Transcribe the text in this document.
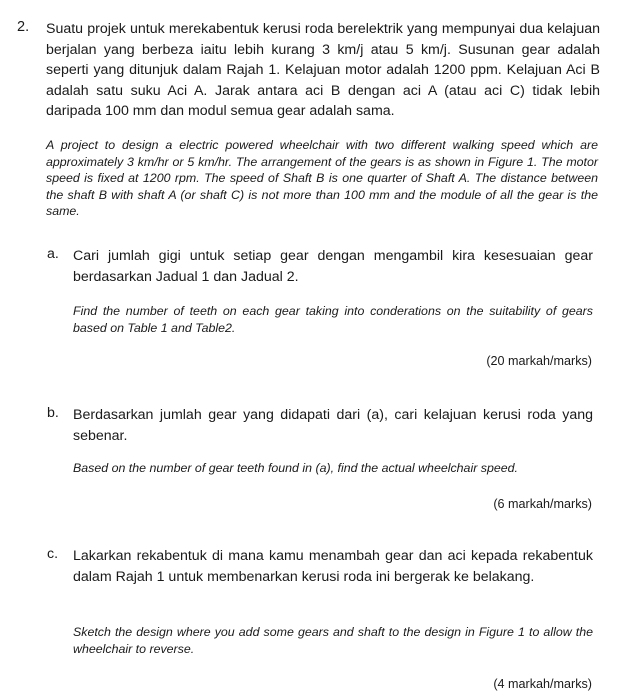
2. Suatu projek untuk merekabentuk kerusi roda berelektrik yang mempunyai dua kelajuan berjalan yang berbeza iaitu lebih kurang 3 km/j atau 5 km/j. Susunan gear adalah seperti yang ditunjuk dalam Rajah 1. Kelajuan motor adalah 1200 ppm. Kelajuan Aci B adalah satu suku Aci A. Jarak antara aci B dengan aci A (atau aci C) tidak lebih daripada 100 mm dan modul semua gear adalah sama.

A project to design a electric powered wheelchair with two different walking speed which are approximately 3 km/hr or 5 km/hr. The arrangement of the gears is as shown in Figure 1. The motor speed is fixed at 1200 rpm. The speed of Shaft B is one quarter of Shaft A. The distance between the shaft B with shaft A (or shaft C) is not more than 100 mm and the module of all the gear is the same.

a. Cari jumlah gigi untuk setiap gear dengan mengambil kira kesesuaian gear berdasarkan Jadual 1 dan Jadual 2.

Find the number of teeth on each gear taking into conderations on the suitability of gears based on Table 1 and Table2.

(20 markah/marks)
b. Berdasarkan jumlah gear yang didapati dari (a), cari kelajuan kerusi roda yang sebenar.

Based on the number of gear teeth found in (a), find the actual wheelchair speed.

(6 markah/marks)
c. Lakarkan rekabentuk di mana kamu menambah gear dan aci kepada rekabentuk dalam Rajah 1 untuk membenarkan kerusi roda ini bergerak ke belakang.

Sketch the design where you add some gears and shaft to the design in Figure 1 to allow the wheelchair to reverse.

(4 markah/marks)
